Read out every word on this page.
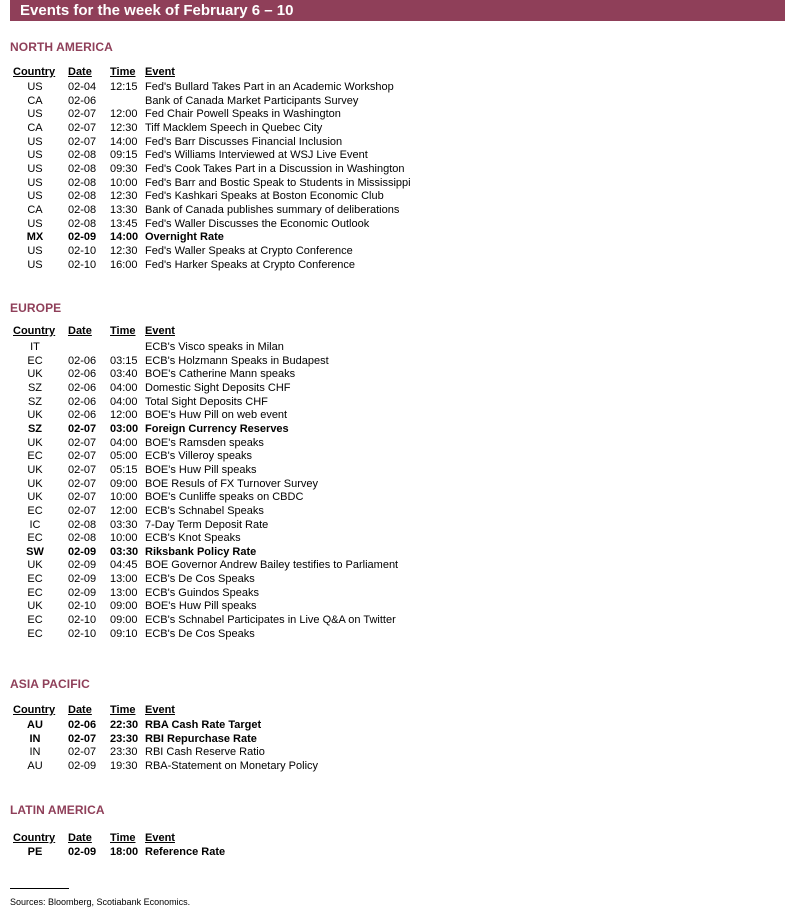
Events for the week of February 6 – 10
NORTH AMERICA
Country Date	Time Event
US	02-04 12:15 Fed's Bullard Takes Part in an Academic Workshop
CA	02-06	Bank of Canada Market Participants Survey
US	02-07 12:00 Fed Chair Powell Speaks in Washington
CA	02-07 12:30 Tiff Macklem Speech in Quebec City
US	02-07 14:00 Fed's Barr Discusses Financial Inclusion
US	02-08 09:15 Fed's Williams Interviewed at WSJ Live Event
US	02-08 09:30 Fed's Cook Takes Part in a Discussion in Washington
US	02-08 10:00 Fed's Barr and Bostic Speak to Students in Mississippi
US	02-08 12:30 Fed's Kashkari Speaks at Boston Economic Club
CA	02-08 13:30 Bank of Canada publishes summary of deliberations
US	02-08 13:45 Fed's Waller Discusses the Economic Outlook
MX	02-09 14:00 Overnight Rate
US	02-10 12:30 Fed's Waller Speaks at Crypto Conference
US	02-10 16:00 Fed's Harker Speaks at Crypto Conference
EUROPE
Country Date	Time Event
IT	ECB's Visco speaks in Milan
EC	02-06 03:15 ECB's Holzmann Speaks in Budapest
UK	02-06 03:40 BOE's Catherine Mann speaks
SZ	02-06 04:00 Domestic Sight Deposits CHF
SZ	02-06 04:00 Total Sight Deposits CHF
UK	02-06 12:00 BOE's Huw Pill on web event
SZ	02-07 03:00 Foreign Currency Reserves
UK	02-07 04:00 BOE's Ramsden speaks
EC	02-07 05:00 ECB's Villeroy speaks
UK	02-07 05:15 BOE's Huw Pill speaks
UK	02-07 09:00 BOE Resuls of FX Turnover Survey
UK	02-07 10:00 BOE's Cunliffe speaks on CBDC
EC	02-07 12:00 ECB's Schnabel Speaks
IC	02-08 03:30 7-Day Term Deposit Rate
EC	02-08 10:00 ECB's Knot Speaks
SW	02-09 03:30 Riksbank Policy Rate
UK	02-09 04:45 BOE Governor Andrew Bailey testifies to Parliament
EC	02-09 13:00 ECB's De Cos Speaks
EC	02-09 13:00 ECB's Guindos Speaks
UK	02-10 09:00 BOE's Huw Pill speaks
EC	02-10 09:00 ECB's Schnabel Participates in Live Q&A on Twitter
EC	02-10 09:10 ECB's De Cos Speaks
ASIA PACIFIC
Country Date	Time Event
AU	02-06 22:30 RBA Cash Rate Target
IN	02-07 23:30 RBI Repurchase Rate
IN	02-07 23:30 RBI Cash Reserve Ratio
AU	02-09 19:30 RBA-Statement on Monetary Policy
LATIN AMERICA
Country Date	Time Event
PE	02-09 18:00 Reference Rate
Sources: Bloomberg, Scotiabank Economics.
